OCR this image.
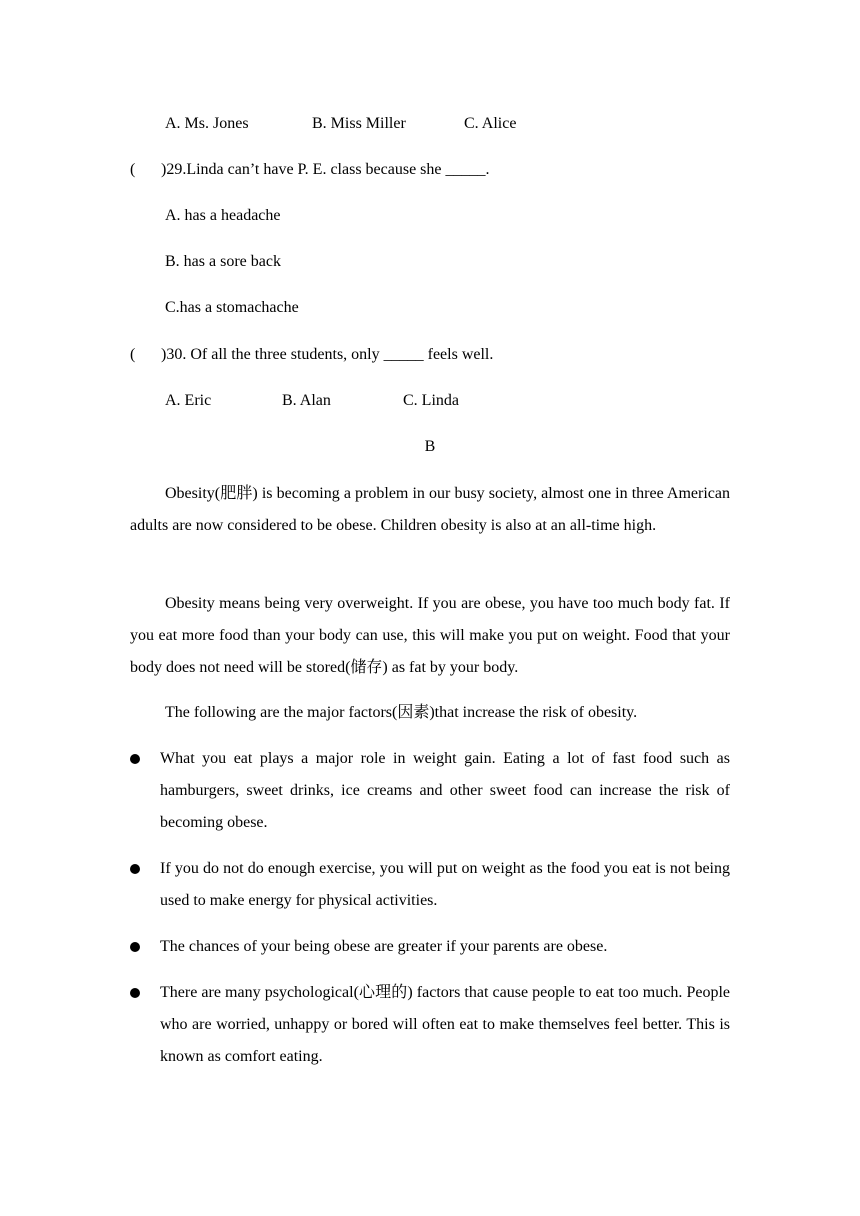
A. Ms. Jones	B. Miss Miller	C. Alice
( )29.Linda can’t have P. E. class because she _____.
A. has a headache
B. has a sore back
C.has a stomachache
( )30. Of all the three students, only _____ feels well.
A. Eric	B. Alan	C. Linda
B

Obesity(肥胖) is becoming a problem in our busy society, almost one in three American adults are now considered to be obese. Children obesity is also at an all-time high.

Obesity means being very overweight. If you are obese, you have too much body fat. If you eat more food than your body can use, this will make you put on weight. Food that your body does not need will be stored(储存) as fat by your body.

The following are the major factors(因素)that increase the risk of obesity.

What you eat plays a major role in weight gain. Eating a lot of fast food such as hamburgers, sweet drinks, ice creams and other sweet food can increase the risk of becoming obese.

If you do not do enough exercise, you will put on weight as the food you eat is not being used to make energy for physical activities.

The chances of your being obese are greater if your parents are obese.

There are many psychological(心理的) factors that cause people to eat too much. People who are worried, unhappy or bored will often eat to make themselves feel better. This is known as comfort eating.
